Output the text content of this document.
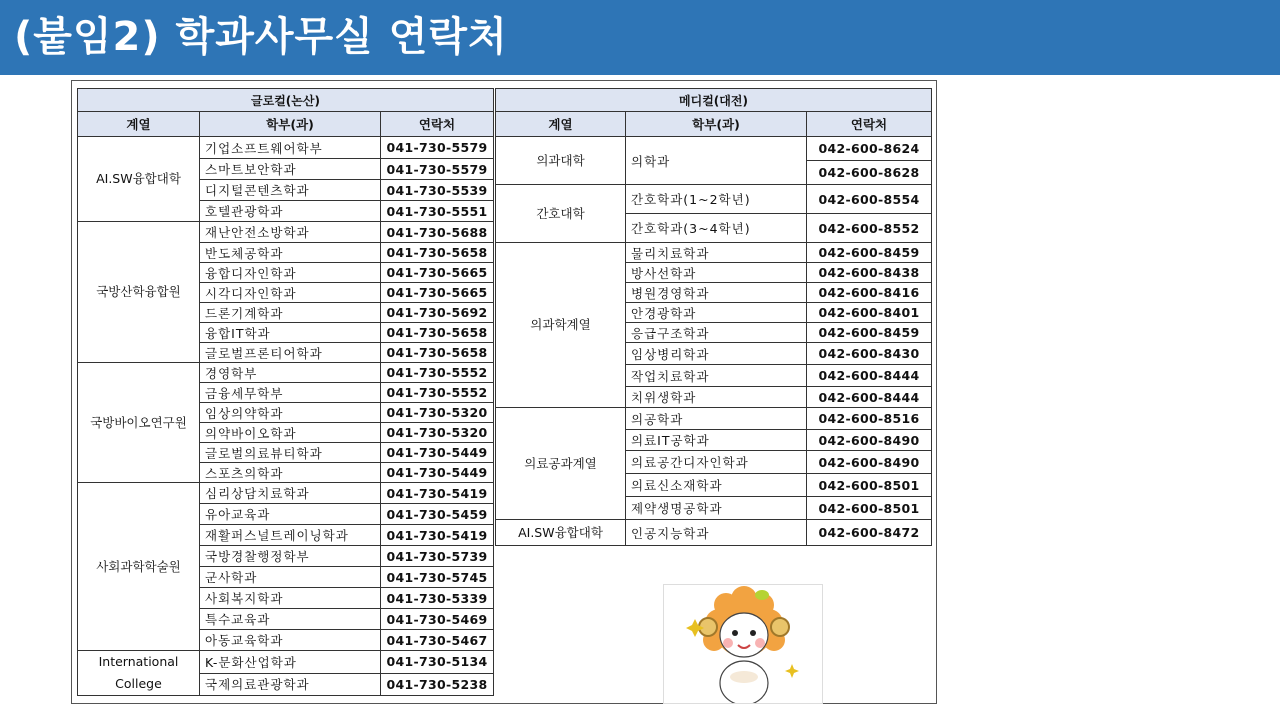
(붙임2) 학과사무실 연락처
글로컬(논산)		
계열	학부(과)	연락처
AI.SW융합대학	기업소프트웨어학부	041-730-5579
	스마트보안학과	041-730-5579
	디지털콘텐츠학과	041-730-5539
	호텔관광학과	041-730-5551
국방산학융합원	재난안전소방학과	041-730-5688
	반도체공학과	041-730-5658
	융합디자인학과	041-730-5665
	시각디자인학과	041-730-5665
	드론기계학과	041-730-5692
	융합IT학과	041-730-5658
	글로벌프론티어학과	041-730-5658
국방바이오연구원	경영학부	041-730-5552
	금융세무학부	041-730-5552
	임상의약학과	041-730-5320
	의약바이오학과	041-730-5320
	글로벌의료뷰티학과	041-730-5449
	스포츠의학과	041-730-5449
사회과학학술원	심리상담치료학과	041-730-5419
	유아교육과	041-730-5459
	재활퍼스널트레이닝학과	041-730-5419
	국방경찰행정학부	041-730-5739
	군사학과	041-730-5745
	사회복지학과	041-730-5339
	특수교육과	041-730-5469
	아동교육학과	041-730-5467
International College	K-문화산업학과	041-730-5134
	국제의료관광학과	041-730-5238
메디컬(대전)		
계열	학부(과)	연락처
의과대학	의학과	042-600-8624
		042-600-8628
간호대학	간호학과(1~2학년)	042-600-8554
	간호학과(3~4학년)	042-600-8552
의과학계열	물리치료학과	042-600-8459
	방사선학과	042-600-8438
	병원경영학과	042-600-8416
	안경광학과	042-600-8401
	응급구조학과	042-600-8459
	임상병리학과	042-600-8430
	작업치료학과	042-600-8444
	치위생학과	042-600-8444
의료공과계열	의공학과	042-600-8516
	의료IT공학과	042-600-8490
	의료공간디자인학과	042-600-8490
	의료신소재학과	042-600-8501
	제약생명공학과	042-600-8501
AI.SW융합대학	인공지능학과	042-600-8472
